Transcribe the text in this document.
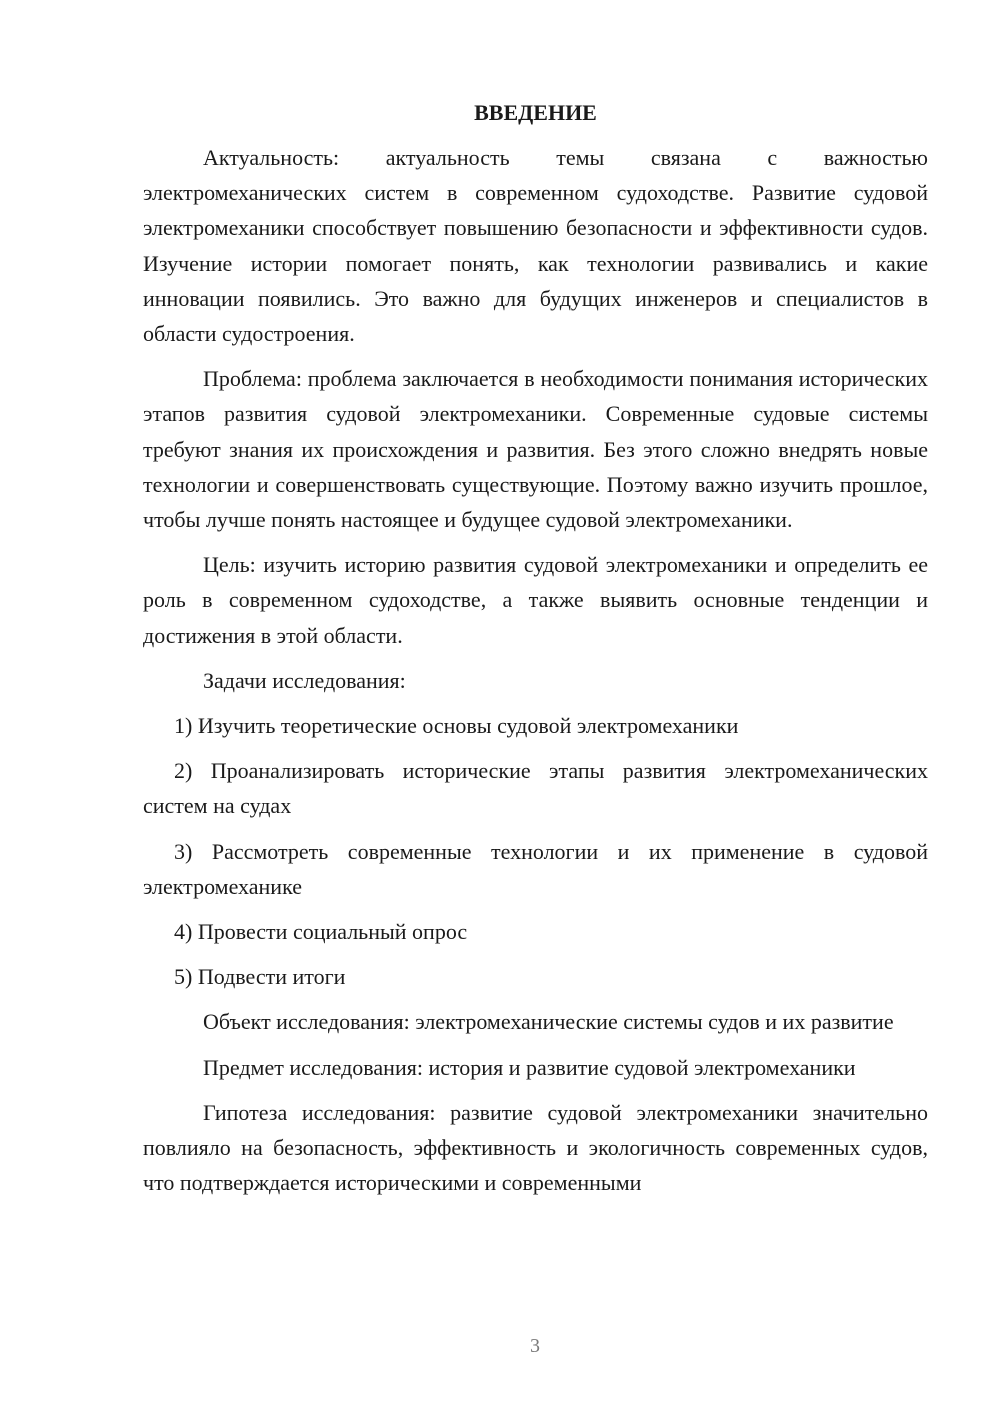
ВВЕДЕНИЕ

Актуальность: актуальность темы связана с важностью электромеханических систем в современном судоходстве. Развитие судовой электромеханики способствует повышению безопасности и эффективности судов. Изучение истории помогает понять, как технологии развивались и какие инновации появились. Это важно для будущих инженеров и специалистов в области судостроения.

Проблема: проблема заключается в необходимости понимания исторических этапов развития судовой электромеханики. Современные судовые системы требуют знания их происхождения и развития. Без этого сложно внедрять новые технологии и совершенствовать существующие. Поэтому важно изучить прошлое, чтобы лучше понять настоящее и будущее судовой электромеханики.

Цель: изучить историю развития судовой электромеханики и определить ее роль в современном судоходстве, а также выявить основные тенденции и достижения в этой области.

Задачи исследования:

1) Изучить теоретические основы судовой электромеханики

2) Проанализировать исторические этапы развития электромеханических систем на судах

3) Рассмотреть современные технологии и их применение в судовой электромеханике

4) Провести социальный опрос

5) Подвести итоги

Объект исследования: электромеханические системы судов и их развитие

Предмет исследования: история и развитие судовой электромеханики

Гипотеза исследования: развитие судовой электромеханики значительно повлияло на безопасность, эффективность и экологичность современных судов, что подтверждается историческими и современными

3
